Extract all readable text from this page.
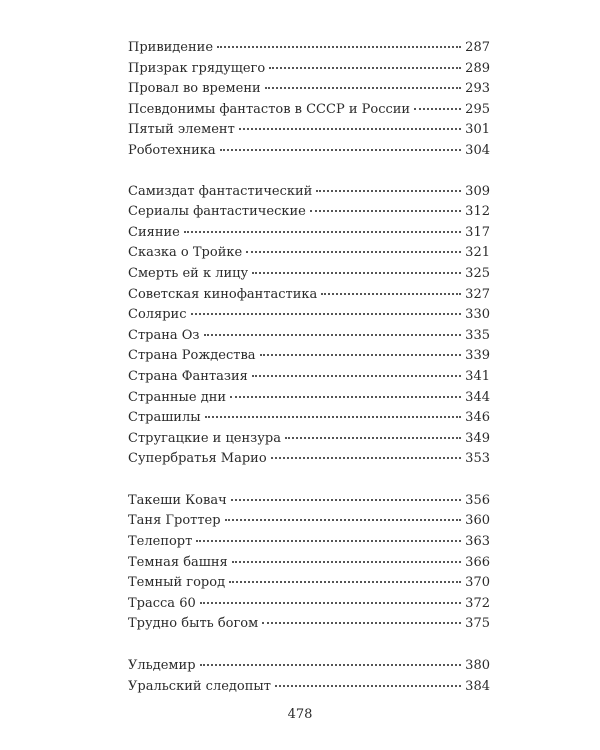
Привидение	287
Призрак грядущего	289
Провал во времени	293
Псевдонимы фантастов в СССР и России	295
Пятый элемент	301
Роботехника	304
Самиздат фантастический	309
Сериалы фантастические	312
Сияние	317
Сказка о Тройке	321
Смерть ей к лицу	325
Советская кинофантастика	327
Солярис	330
Страна Оз	335
Страна Рождества	339
Страна Фантазия	341
Странные дни	344
Страшилы	346
Стругацкие и цензура	349
Супербратья Марио	353
Такеши Ковач	356
Таня Гроттер	360
Телепорт	363
Темная башня	366
Темный город	370
Трасса 60	372
Трудно быть богом	375
Ульдемир	380
Уральский следопыт	384
478
